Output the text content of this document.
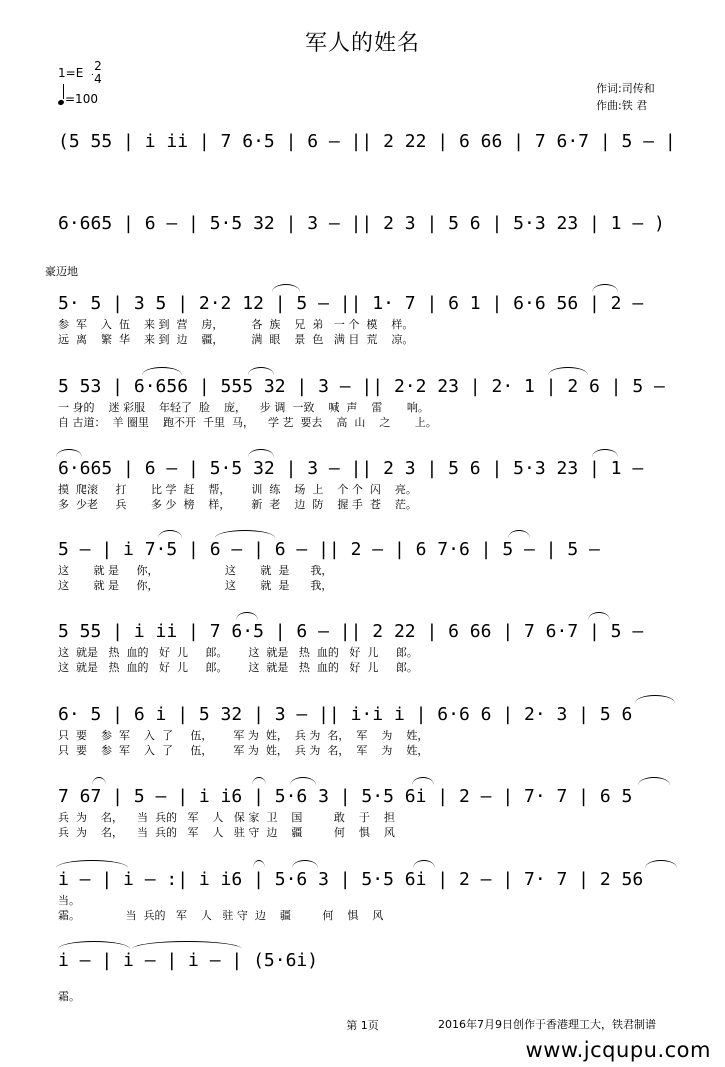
军人的姓名
1=E 2
4
=100
作词:司传和
作曲:铁 君
豪迈地
(5 55 | i ii | 7 6·5 | 6 – || 2 22 | 6 66 | 7 6·7 | 5 – |
6·665 | 6 – | 5·5 32 | 3 – || 2 3 | 5 6 | 5·3 23 | 1 – )
5· 5 | 3 5 | 2·2 12 | 5 – || 1· 7 | 6 1 | 6·6 56 | 2 –
参  军    入  伍    来 到  营    房，        各  族    兄  弟   一 个  模    样。
远  离    繁  华    来 到  边    疆，        满  眼    景  色   满 目  荒    凉。
5 53 | 6·656 | 555 32 | 3 – || 2·2 23 | 2· 1 | 2 6 | 5 –
一 身的    迷 彩服    年轻了  脸    庞，    步 调  一致    喊  声    雷       响。
自 古道：  羊 圈里    跑不开  千里  马，    学 艺  要去    高  山    之       上。
6·665 | 6 – | 5·5 32 | 3 – || 2 3 | 5 6 | 5·3 23 | 1 –
摸  爬滚     打       比 学  赶    帮，      训  练    场  上    个 个  闪    亮。
多  少老     兵       多 少  榜    样，      新  老    边  防    握 手  苍    茫。
5 – | i 7·5 | 6 – | 6 – || 2 – | 6 7·6 | 5 – | 5 –
这       就 是     你，                   这       就  是      我，
这       就 是     你，                   这       就  是      我，
5 55 | i ii | 7 6·5 | 6 – || 2 22 | 6 66 | 7 6·7 | 5 –
这  就是   热  血的   好  儿     郎。      这  就是   热  血的   好  儿     郎。
这  就是   热  血的   好  儿     郎。      这  就是   热  血的   好  儿     郎。
6· 5 | 6 i | 5 32 | 3 – || i·i i | 6·6 6 | 2· 3 | 5 6
只  要    参  军    入  了     伍，      军 为  姓，  兵 为  名，  军    为    姓，
只  要    参  军    入  了     伍，      军 为  姓，  兵 为  名，  军    为    姓，
7 67 | 5 – | i i6 | 5·6 3 | 5·5 6i | 2 – | 7· 7 | 6 5
兵  为    名，    当  兵的   军    人   保 家  卫    国         敢    于    担
兵  为    名，    当  兵的   军    人   驻 守  边    疆         何    惧    风
i – | i – :| i i6 | 5·6 3 | 5·5 6i | 2 – | 7· 7 | 2 56
当。
霜。             当  兵的   军    人   驻 守  边    疆         何    惧    风
i – | i – | i – | (5·6i)
霜。
第 1页	2016年7月9日创作于香港理工大，铁君制谱
www.jcqupu.com
